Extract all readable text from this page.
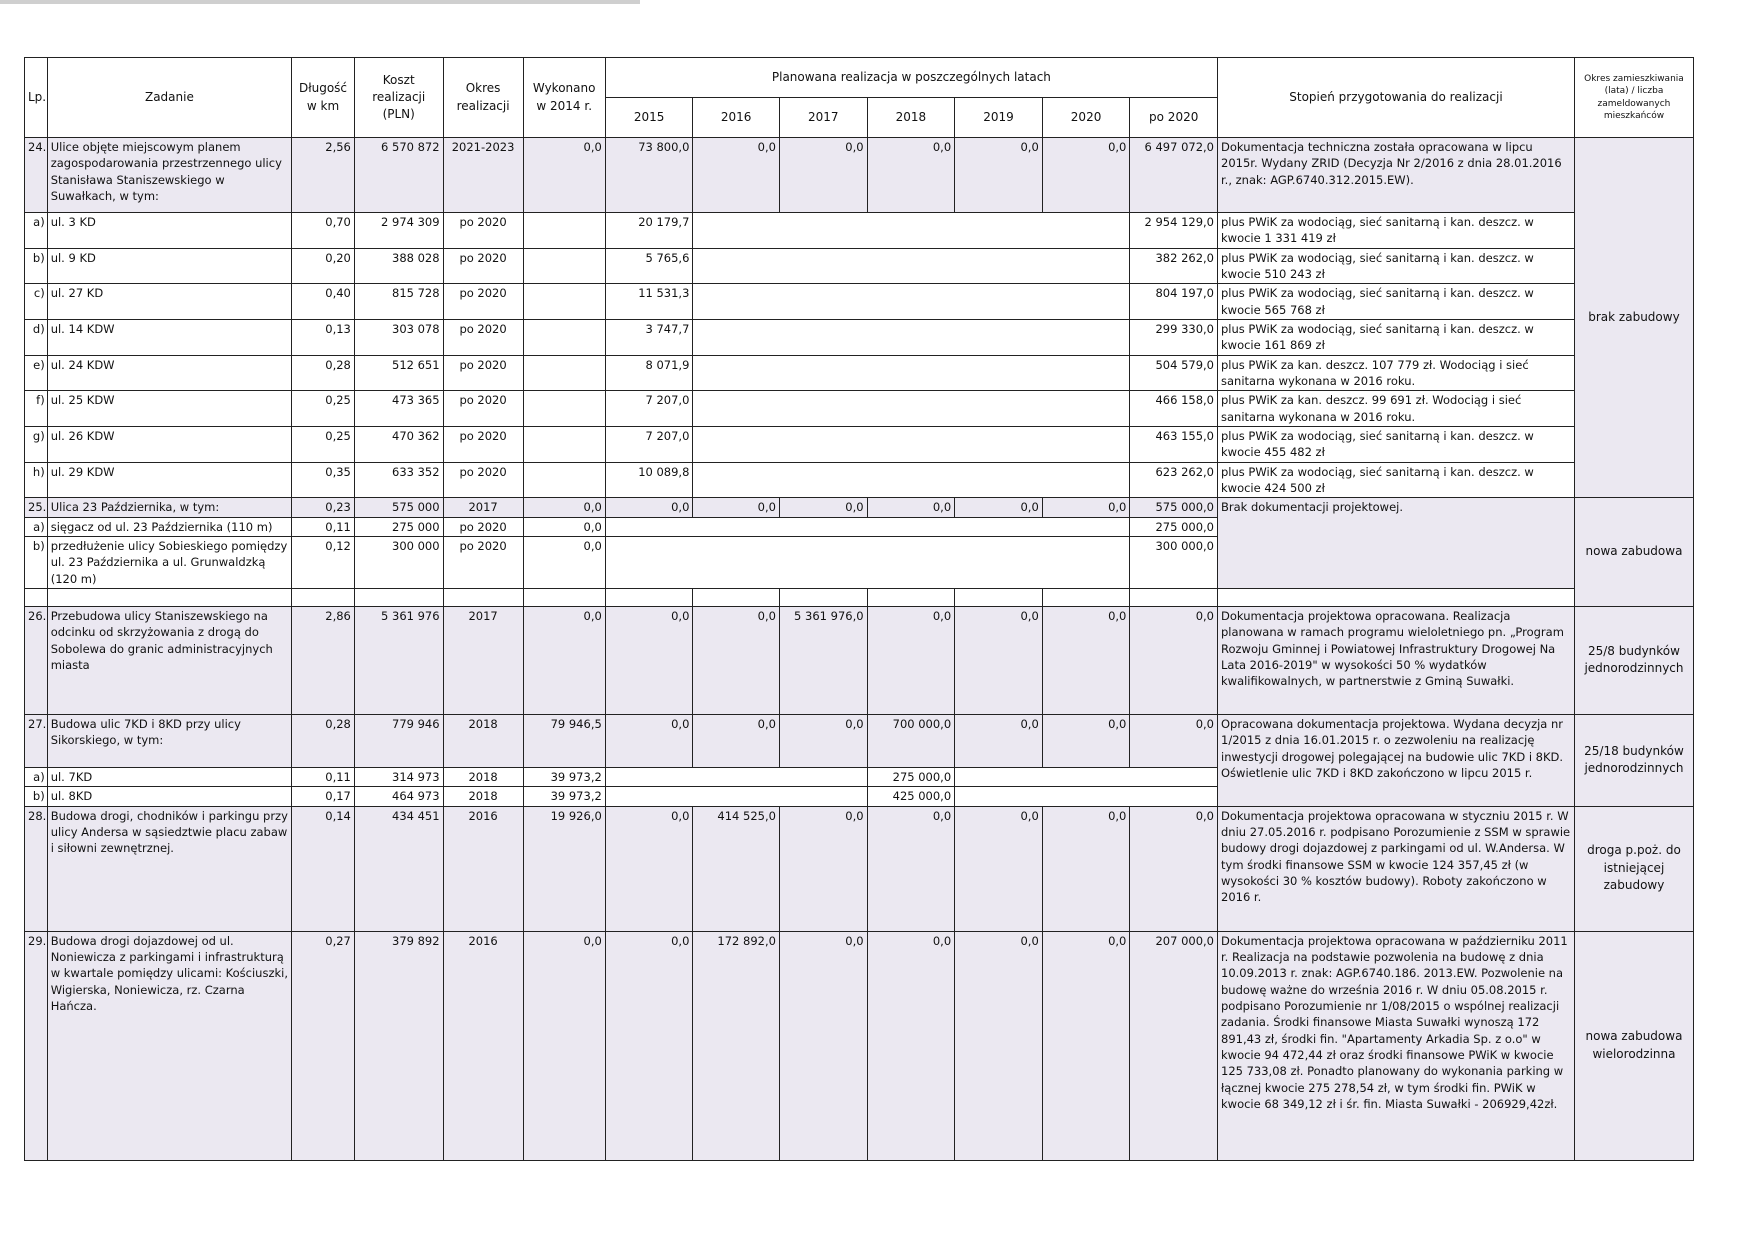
Lp.	Zadanie	Długość w km	Koszt realizacji (PLN)	Okres realizacji	Wykonano w 2014 r.	Planowana realizacja w poszczególnych latach							Stopień przygotowania do realizacji	Okres zamieszkiwania (lata) / liczba zameldowanych mieszkańców
						2015	2016	2017	2018	2019	2020	po 2020		
24.	Ulice objęte miejscowym planem zagospodarowania przestrzennego ulicy Stanisława Staniszewskiego w Suwałkach, w tym:	2,56	6 570 872	2021-2023	0,0	73 800,0	0,0	0,0	0,0	0,0	0,0	6 497 072,0	Dokumentacja techniczna została opracowana w lipcu 2015r. Wydany ZRID (Decyzja Nr 2/2016 z dnia 28.01.2016 r., znak: AGP.6740.312.2015.EW).	brak zabudowy
a)	ul. 3 KD	0,70	2 974 309	po 2020		20 179,7						2 954 129,0	plus PWiK za wodociąg, sieć sanitarną i kan. deszcz. w kwocie 1 331 419 zł	
b)	ul. 9 KD	0,20	388 028	po 2020		5 765,6						382 262,0	plus PWiK za wodociąg, sieć sanitarną i kan. deszcz. w kwocie 510 243 zł	
c)	ul. 27 KD	0,40	815 728	po 2020		11 531,3						804 197,0	plus PWiK za wodociąg, sieć sanitarną i kan. deszcz. w kwocie 565 768 zł	
d)	ul. 14 KDW	0,13	303 078	po 2020		3 747,7						299 330,0	plus PWiK za wodociąg, sieć sanitarną i kan. deszcz. w kwocie 161 869 zł	
e)	ul. 24 KDW	0,28	512 651	po 2020		8 071,9						504 579,0	plus PWiK za kan. deszcz. 107 779 zł. Wodociąg i sieć sanitarna wykonana w 2016 roku.	
f)	ul. 25 KDW	0,25	473 365	po 2020		7 207,0						466 158,0	plus PWiK za kan. deszcz. 99 691 zł. Wodociąg i sieć sanitarna wykonana w 2016 roku.	
g)	ul. 26 KDW	0,25	470 362	po 2020		7 207,0						463 155,0	plus PWiK za wodociąg, sieć sanitarną i kan. deszcz. w kwocie 455 482 zł	
h)	ul. 29 KDW	0,35	633 352	po 2020		10 089,8						623 262,0	plus PWiK za wodociąg, sieć sanitarną i kan. deszcz. w kwocie 424 500 zł	
25.	Ulica 23 Października, w tym:	0,23	575 000	2017	0,0	0,0	0,0	0,0	0,0	0,0	0,0	575 000,0	Brak dokumentacji projektowej.	nowa zabudowa
a)	sięgacz od ul. 23 Października (110 m)	0,11	275 000	po 2020	0,0							275 000,0		
b)	przedłużenie ulicy Sobieskiego pomiędzy ul. 23 Października a ul. Grunwaldzką (120 m)	0,12	300 000	po 2020	0,0							300 000,0		

26.	Przebudowa ulicy Staniszewskiego na odcinku od skrzyżowania z drogą do Sobolewa do granic administracyjnych miasta	2,86	5 361 976	2017	0,0	0,0	0,0	5 361 976,0	0,0	0,0	0,0	0,0	Dokumentacja projektowa opracowana. Realizacja planowana w ramach programu wieloletniego pn. „Program Rozwoju Gminnej i Powiatowej Infrastruktury Drogowej Na Lata 2016-2019" w wysokości 50 % wydatków kwalifikowalnych, w partnerstwie z Gminą Suwałki.	25/8 budynków jednorodzinnych
27.	Budowa ulic 7KD i 8KD przy ulicy Sikorskiego, w tym:	0,28	779 946	2018	79 946,5	0,0	0,0	0,0	700 000,0	0,0	0,0	0,0	Opracowana dokumentacja projektowa. Wydana decyzja nr 1/2015 z dnia 16.01.2015 r. o zezwoleniu na realizację inwestycji drogowej polegającej na budowie ulic 7KD i 8KD. Oświetlenie ulic 7KD i 8KD zakończono w lipcu 2015 r.	25/18 budynków jednorodzinnych
a)	ul. 7KD	0,11	314 973	2018	39 973,2				275 000,0					
b)	ul. 8KD	0,17	464 973	2018	39 973,2				425 000,0					
28.	Budowa drogi, chodników i parkingu przy ulicy Andersa w sąsiedztwie placu zabaw i siłowni zewnętrznej.	0,14	434 451	2016	19 926,0	0,0	414 525,0	0,0	0,0	0,0	0,0	0,0	Dokumentacja projektowa opracowana w styczniu 2015 r. W dniu 27.05.2016 r. podpisano Porozumienie z SSM w sprawie budowy drogi dojazdowej z parkingami od ul. W.Andersa. W tym środki finansowe SSM w kwocie 124 357,45 zł (w wysokości 30 % kosztów budowy). Roboty zakończono w 2016 r.	droga p.poż. do istniejącej zabudowy
29.	Budowa drogi dojazdowej od ul. Noniewicza z parkingami i infrastrukturą w kwartale pomiędzy ulicami: Kościuszki, Wigierska, Noniewicza, rz. Czarna Hańcza.	0,27	379 892	2016	0,0	0,0	172 892,0	0,0	0,0	0,0	0,0	207 000,0	Dokumentacja projektowa opracowana w październiku 2011 r. Realizacja na podstawie pozwolenia na budowę z dnia 10.09.2013 r. znak: AGP.6740.186. 2013.EW. Pozwolenie na budowę ważne do września 2016 r. W dniu 05.08.2015 r. podpisano Porozumienie nr 1/08/2015 o wspólnej realizacji zadania. Środki finansowe Miasta Suwałki wynoszą 172 891,43 zł, środki fin. "Apartamenty Arkadia Sp. z o.o" w kwocie 94 472,44 zł oraz środki finansowe PWiK w kwocie 125 733,08 zł. Ponadto planowany do wykonania parking w łącznej kwocie 275 278,54 zł, w tym środki fin. PWiK w kwocie 68 349,12 zł i śr. fin. Miasta Suwałki - 206929,42zł.	nowa zabudowa wielorodzinna
